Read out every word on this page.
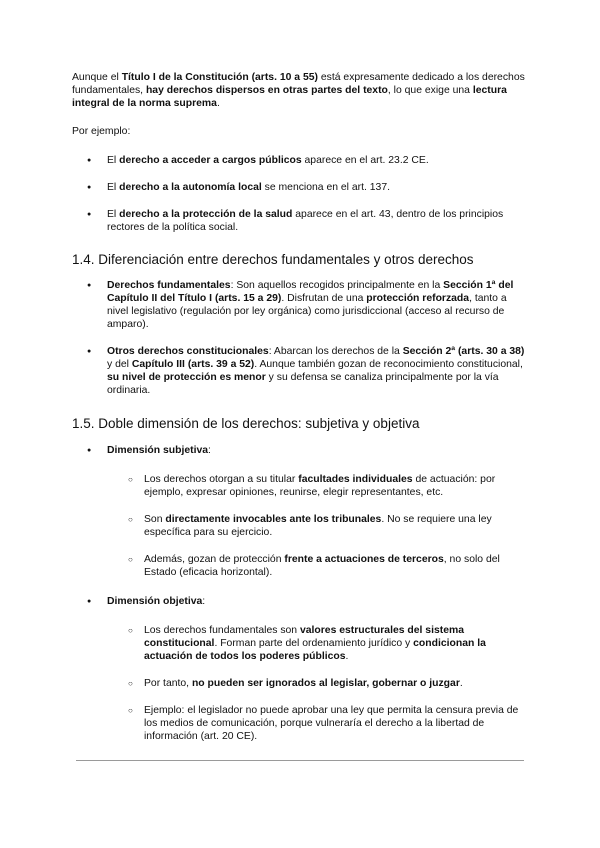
Aunque el Título I de la Constitución (arts. 10 a 55) está expresamente dedicado a los derechos fundamentales, hay derechos dispersos en otras partes del texto, lo que exige una lectura integral de la norma suprema.

Por ejemplo:

● El derecho a acceder a cargos públicos aparece en el art. 23.2 CE.
● El derecho a la autonomía local se menciona en el art. 137.
● El derecho a la protección de la salud aparece en el art. 43, dentro de los principios rectores de la política social.
1.4. Diferenciación entre derechos fundamentales y otros derechos
● Derechos fundamentales: Son aquellos recogidos principalmente en la Sección 1ª del Capítulo II del Título I (arts. 15 a 29). Disfrutan de una protección reforzada, tanto a nivel legislativo (regulación por ley orgánica) como jurisdiccional (acceso al recurso de amparo).
● Otros derechos constitucionales: Abarcan los derechos de la Sección 2ª (arts. 30 a 38) y del Capítulo III (arts. 39 a 52). Aunque también gozan de reconocimiento constitucional, su nivel de protección es menor y su defensa se canaliza principalmente por la vía ordinaria.
1.5. Doble dimensión de los derechos: subjetiva y objetiva
● Dimensión subjetiva:
○ Los derechos otorgan a su titular facultades individuales de actuación: por ejemplo, expresar opiniones, reunirse, elegir representantes, etc.
○ Son directamente invocables ante los tribunales. No se requiere una ley específica para su ejercicio.
○ Además, gozan de protección frente a actuaciones de terceros, no solo del Estado (eficacia horizontal).
● Dimensión objetiva:
○ Los derechos fundamentales son valores estructurales del sistema constitucional. Forman parte del ordenamiento jurídico y condicionan la actuación de todos los poderes públicos.
○ Por tanto, no pueden ser ignorados al legislar, gobernar o juzgar.
○ Ejemplo: el legislador no puede aprobar una ley que permita la censura previa de los medios de comunicación, porque vulneraría el derecho a la libertad de información (art. 20 CE).
